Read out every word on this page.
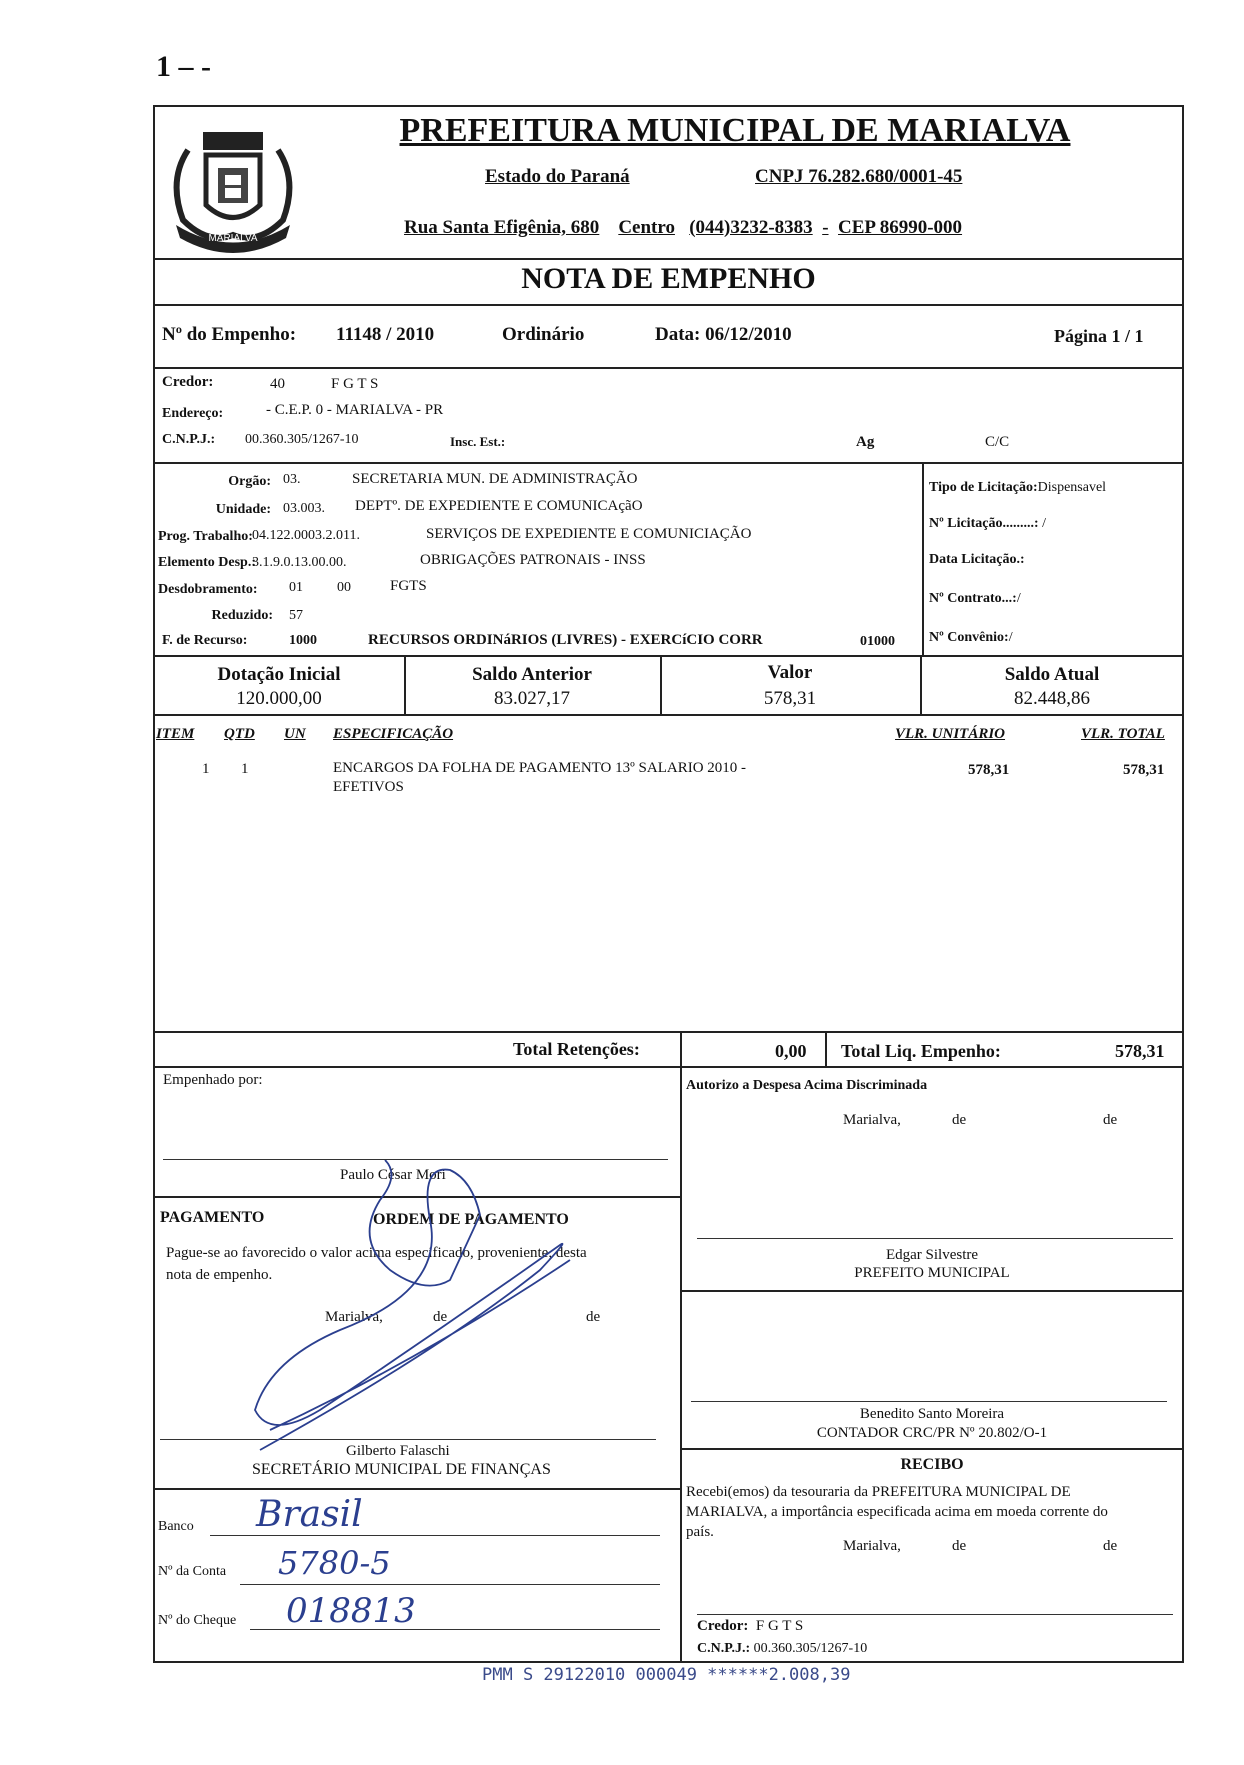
1 – -
MARIALVA
PREFEITURA MUNICIPAL DE MARIALVA
Estado do Paraná	CNPJ 76.282.680/0001-45
Rua Santa Efigênia, 680 Centro (044)3232-8383 - CEP 86990-000
NOTA DE EMPENHO
Nº do Empenho: 11148 / 2010	Ordinário	Data: 06/12/2010	Página 1 / 1
Credor:	40	F G T S
Endereço:	- C.E.P. 0 - MARIALVA - PR
C.N.P.J.: 00.360.305/1267-10	Insc. Est.:	Ag	C/C
Orgão: 03.	SECRETARIA MUN. DE ADMINISTRAÇÃO
Unidade: 03.003. DEPTº. DE EXPEDIENTE E COMUNICAçãO
Prog. Trabalho: 04.122.0003.2.011.	SERVIÇOS DE EXPEDIENTE E COMUNICIAÇÃO
Elemento Desp.:
3.1.9.0.13.00.00.	OBRIGAÇÕES PATRONAIS - INSS
Desdobramento: 01 00	FGTS
Reduzido: 57
F. de Recurso:	1000	RECURSOS ORDINáRIOS (LIVRES) - EXERCíCIO CORR	01000
Tipo de Licitação:Dispensavel
Nº Licitação.........: /
Data Licitação.:
Nº Contrato...:/
Nº Convênio:/
Dotação Inicial
120.000,00
Saldo Anterior
83.027,17
Valor
578,31
Saldo Atual
82.448,86
ITEM QTD UN ESPECIFICAÇÃO	VLR. UNITÁRIO	VLR. TOTAL
1 1	ENCARGOS DA FOLHA DE PAGAMENTO 13º SALARIO 2010 -
EFETIVOS
578,31	578,31
Total Retenções:	0,00 Total Liq. Empenho:	578,31
Empenhado por:
Paulo César Mori
PAGAMENTO	ORDEM DE PAGAMENTO
Pague-se ao favorecido o valor acima especificado, proveniente, desta
nota de empenho.
Marialva,	de	de
Gilberto Falaschi
SECRETÁRIO MUNICIPAL DE FINANÇAS
Banco Brasil
Nº da Conta 5780-5
Nº do Cheque 018813
Autorizo a Despesa Acima Discriminada
Marialva,	de	de
Edgar Silvestre
PREFEITO MUNICIPAL
Benedito Santo Moreira
CONTADOR CRC/PR Nº 20.802/O-1
RECIBO
Recebi(emos) da tesouraria da PREFEITURA MUNICIPAL DE
MARIALVA, a importância especificada acima em moeda corrente do
país.
Marialva,	de	de
Credor: F G T S
C.N.P.J.: 00.360.305/1267-10
PMM S 29122010 000049 ******2.008,39
